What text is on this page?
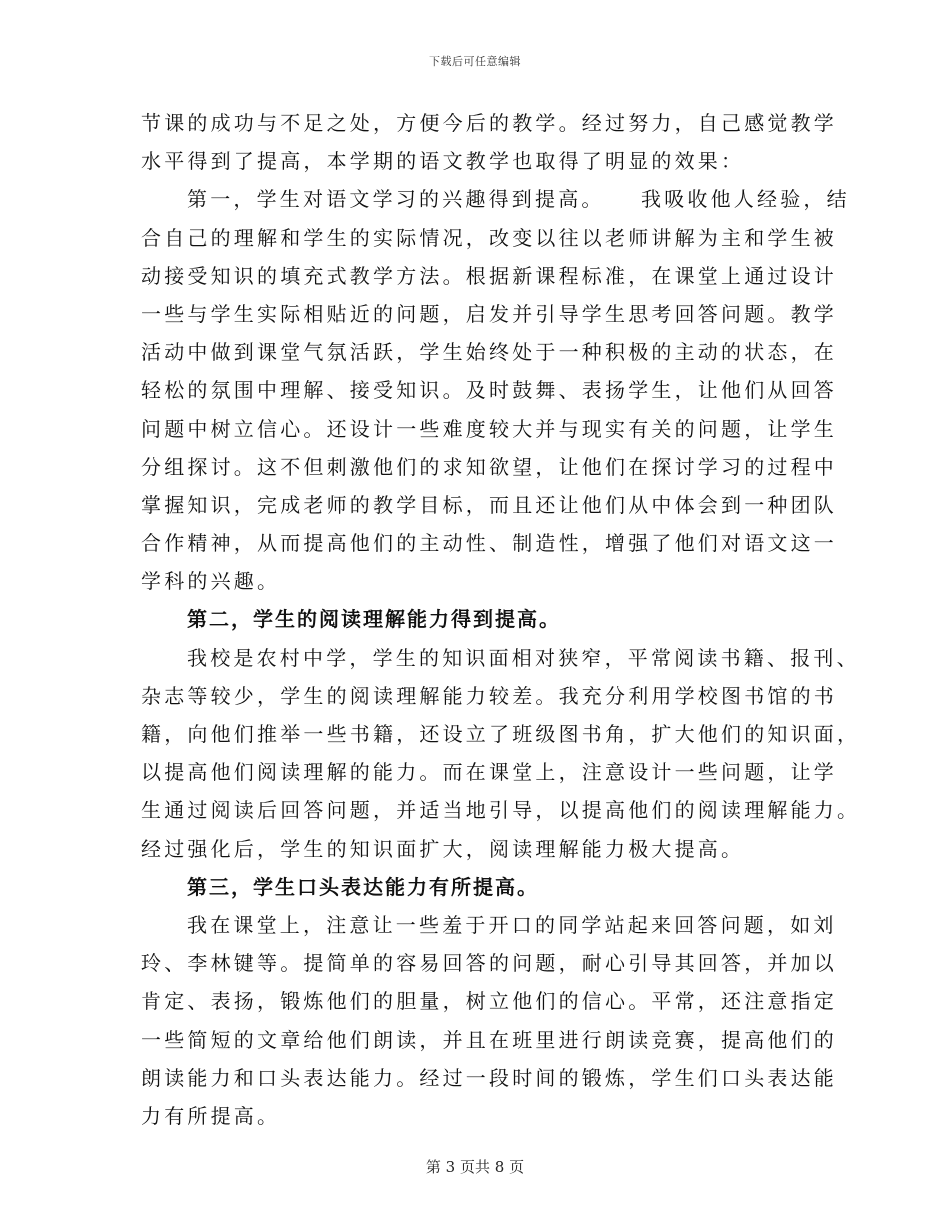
下载后可任意编辑
节课的成功与不足之处，方便今后的教学。经过努力，自己感觉教学
水平得到了提高，本学期的语文教学也取得了明显的效果：
第一，学生对语文学习的兴趣得到提高。　　我吸收他人经验，结
合自己的理解和学生的实际情况，改变以往以老师讲解为主和学生被
动接受知识的填充式教学方法。根据新课程标准，在课堂上通过设计
一些与学生实际相贴近的问题，启发并引导学生思考回答问题。教学
活动中做到课堂气氛活跃，学生始终处于一种积极的主动的状态，在
轻松的氛围中理解、接受知识。及时鼓舞、表扬学生，让他们从回答
问题中树立信心。还设计一些难度较大并与现实有关的问题，让学生
分组探讨。这不但刺激他们的求知欲望，让他们在探讨学习的过程中
掌握知识，完成老师的教学目标，而且还让他们从中体会到一种团队
合作精神，从而提高他们的主动性、制造性，增强了他们对语文这一
学科的兴趣。
第二，学生的阅读理解能力得到提高。
我校是农村中学，学生的知识面相对狭窄，平常阅读书籍、报刊、
杂志等较少，学生的阅读理解能力较差。我充分利用学校图书馆的书
籍，向他们推举一些书籍，还设立了班级图书角，扩大他们的知识面，
以提高他们阅读理解的能力。而在课堂上，注意设计一些问题，让学
生通过阅读后回答问题，并适当地引导，以提高他们的阅读理解能力。
经过强化后，学生的知识面扩大，阅读理解能力极大提高。
第三，学生口头表达能力有所提高。
我在课堂上，注意让一些羞于开口的同学站起来回答问题，如刘
玲、李林键等。提简单的容易回答的问题，耐心引导其回答，并加以
肯定、表扬，锻炼他们的胆量，树立他们的信心。平常，还注意指定
一些简短的文章给他们朗读，并且在班里进行朗读竞赛，提高他们的
朗读能力和口头表达能力。经过一段时间的锻炼，学生们口头表达能
力有所提高。
第 3 页共 8 页
